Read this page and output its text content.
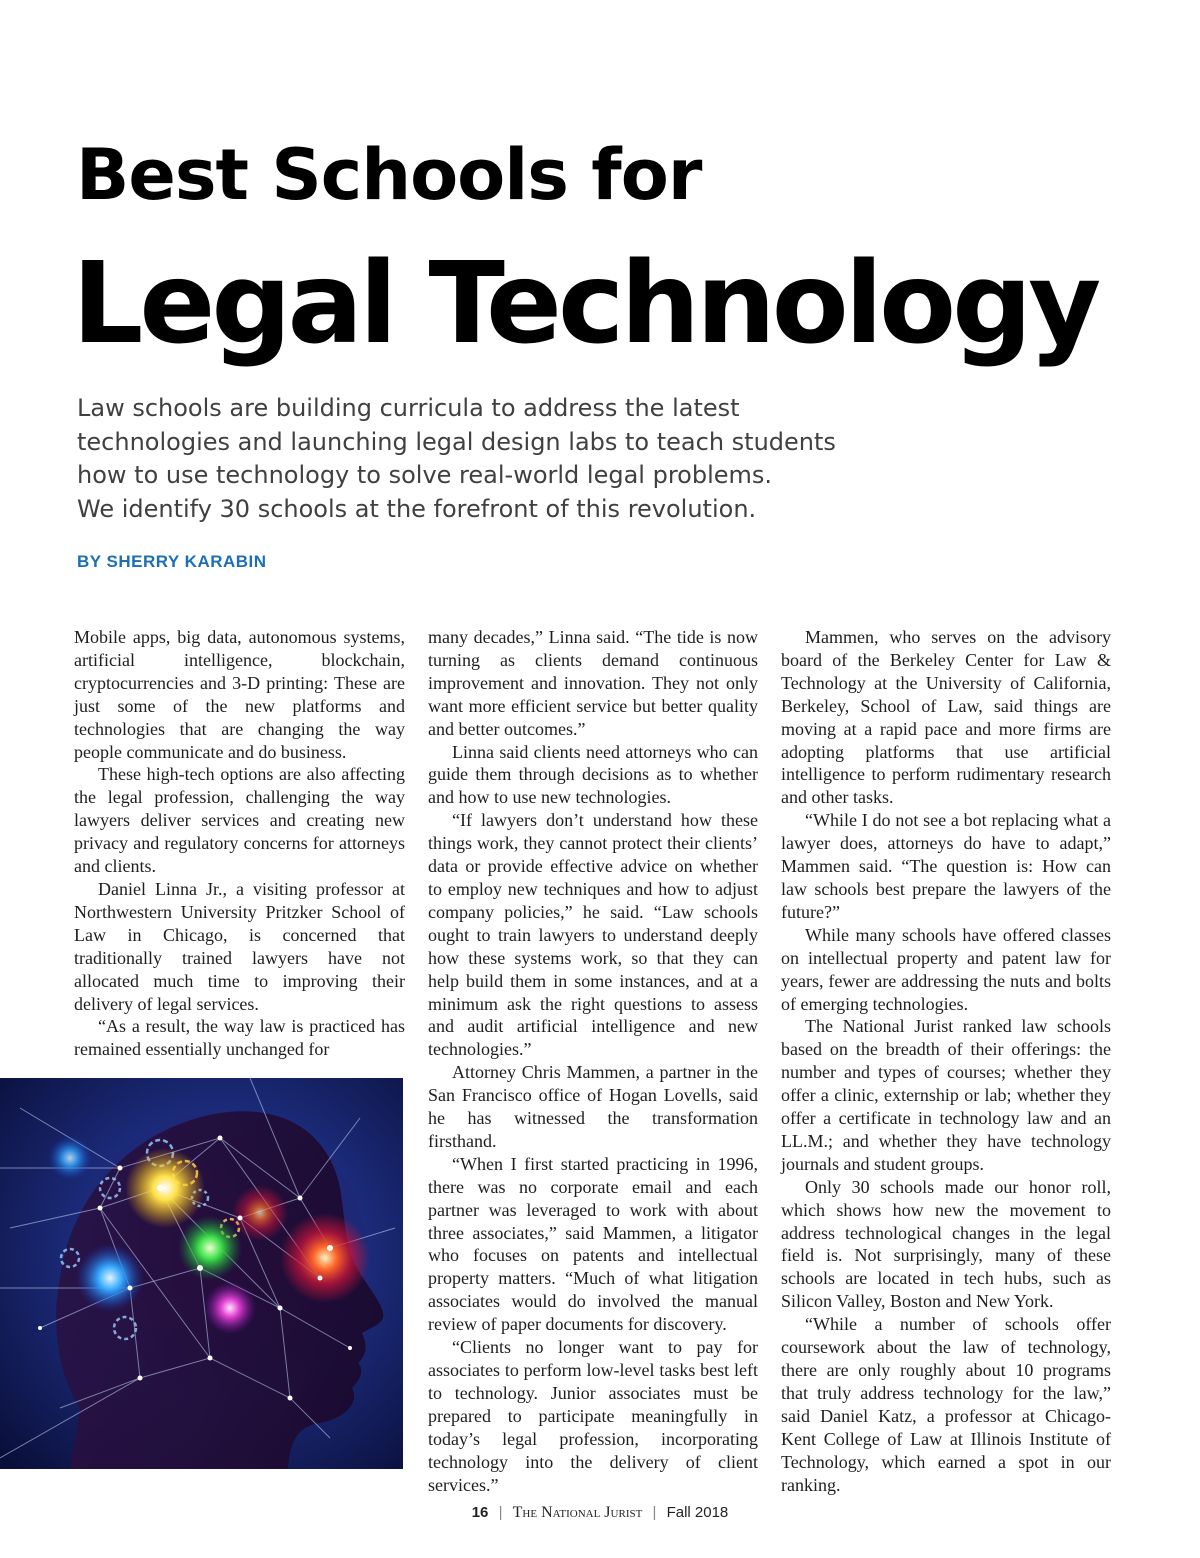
Best Schools for
Legal Technology

Law schools are building curricula to address the latest
technologies and launching legal design labs to teach students
how to use technology to solve real-world legal problems.
We identify 30 schools at the forefront of this revolution.

BY SHERRY KARABIN

Mobile apps, big data, autonomous systems, artificial intelligence, blockchain, cryptocurrencies and 3-D printing: These are just some of the new platforms and technologies that are changing the way people communicate and do business.

These high-tech options are also affecting the legal profession, challenging the way lawyers deliver services and creating new privacy and regulatory concerns for attorneys and clients.

Daniel Linna Jr., a visiting professor at Northwestern University Pritzker School of Law in Chicago, is concerned that traditionally trained lawyers have not allocated much time to improving their delivery of legal services.

“As a result, the way law is practiced has remained essentially unchanged for

many decades,” Linna said. “The tide is now turning as clients demand continuous improvement and innovation. They not only want more efficient service but better quality and better outcomes.”

Linna said clients need attorneys who can guide them through decisions as to whether and how to use new technologies.

“If lawyers don’t understand how these things work, they cannot protect their clients’ data or provide effective advice on whether to employ new techniques and how to adjust company policies,” he said. “Law schools ought to train lawyers to understand deeply how these systems work, so that they can help build them in some instances, and at a minimum ask the right questions to assess and audit artificial intelligence and new technologies.”

Attorney Chris Mammen, a partner in the San Francisco office of Hogan Lovells, said he has witnessed the transformation firsthand.

“When I first started practicing in 1996, there was no corporate email and each partner was leveraged to work with about three associates,” said Mammen, a litigator who focuses on patents and intellectual property matters. “Much of what litigation associates would do involved the manual review of paper documents for discovery.

“Clients no longer want to pay for associates to perform low-level tasks best left to technology. Junior associates must be prepared to participate meaningfully in today’s legal profession, incorporating technology into the delivery of client services.”

Mammen, who serves on the advisory board of the Berkeley Center for Law & Technology at the University of California, Berkeley, School of Law, said things are moving at a rapid pace and more firms are adopting platforms that use artificial intelligence to perform rudimentary research and other tasks.

“While I do not see a bot replacing what a lawyer does, attorneys do have to adapt,” Mammen said. “The question is: How can law schools best prepare the lawyers of the future?”

While many schools have offered classes on intellectual property and patent law for years, fewer are addressing the nuts and bolts of emerging technologies.

The National Jurist ranked law schools based on the breadth of their offerings: the number and types of courses; whether they offer a clinic, externship or lab; whether they offer a certificate in technology law and an LL.M.; and whether they have technology journals and student groups.

Only 30 schools made our honor roll, which shows how new the movement to address technological changes in the legal field is. Not surprisingly, many of these schools are located in tech hubs, such as Silicon Valley, Boston and New York.

“While a number of schools offer coursework about the law of technology, there are only roughly about 10 programs that truly address technology for the law,” said Daniel Katz, a professor at Chicago-Kent College of Law at Illinois Institute of Technology, which earned a spot in our ranking.

16 | The National Jurist | Fall 2018
